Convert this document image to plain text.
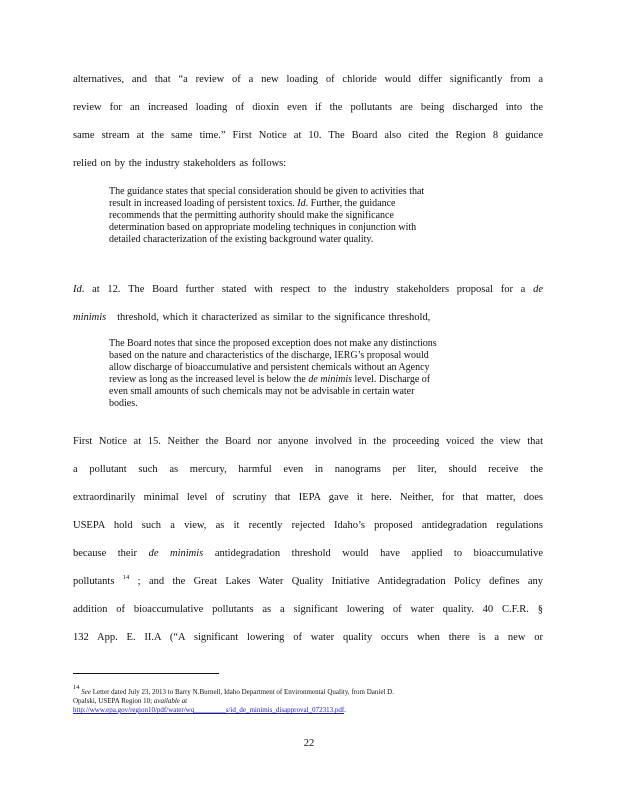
alternatives, and that “a review of a new loading of chloride would differ significantly from a
review for an increased loading of dioxin even if the pollutants are being discharged into the
same stream at the same time.” First Notice at 10. The Board also cited the Region 8 guidance
relied on by the industry stakeholders as follows:
The guidance states that special consideration should be given to activities that
result in increased loading of persistent toxics. Id. Further, the guidance
recommends that the permitting authority should make the significance
determination based on appropriate modeling techniques in conjunction with
detailed characterization of the existing background water quality.
Id. at 12. The Board further stated with respect to the industry stakeholders proposal for a de
minimis threshold, which it characterized as similar to the significance threshold,
The Board notes that since the proposed exception does not make any distinctions
based on the nature and characteristics of the discharge, IERG’s proposal would
allow discharge of bioaccumulative and persistent chemicals without an Agency
review as long as the increased level is below the de minimis level. Discharge of
even small amounts of such chemicals may not be advisable in certain water
bodies.
First Notice at 15. Neither the Board nor anyone involved in the proceeding voiced the view that
a pollutant such as mercury, harmful even in nanograms per liter, should receive the
extraordinarily minimal level of scrutiny that IEPA gave it here. Neither, for that matter, does
USEPA hold such a view, as it recently rejected Idaho’s proposed antidegradation regulations
because their de minimis antidegradation threshold would have applied to bioaccumulative
pollutants $^{14}$ ; and the Great Lakes Water Quality Initiative Antidegradation Policy defines any
addition of bioaccumulative pollutants as a significant lowering of water quality. 40 C.F.R. §
132 App. E. II.A (“A significant lowering of water quality occurs when there is a new or
$^{14}$ See Letter dated July 23, 2013 to Barry N.Burnell, Idaho Department of Environmental Quality, from Daniel D.
Opalski, USEPA Region 10; available at
http://www.epa.gov/region10/pdf/water/wq_________s/id_de_minimis_disapproval_072313.pdf.
22
